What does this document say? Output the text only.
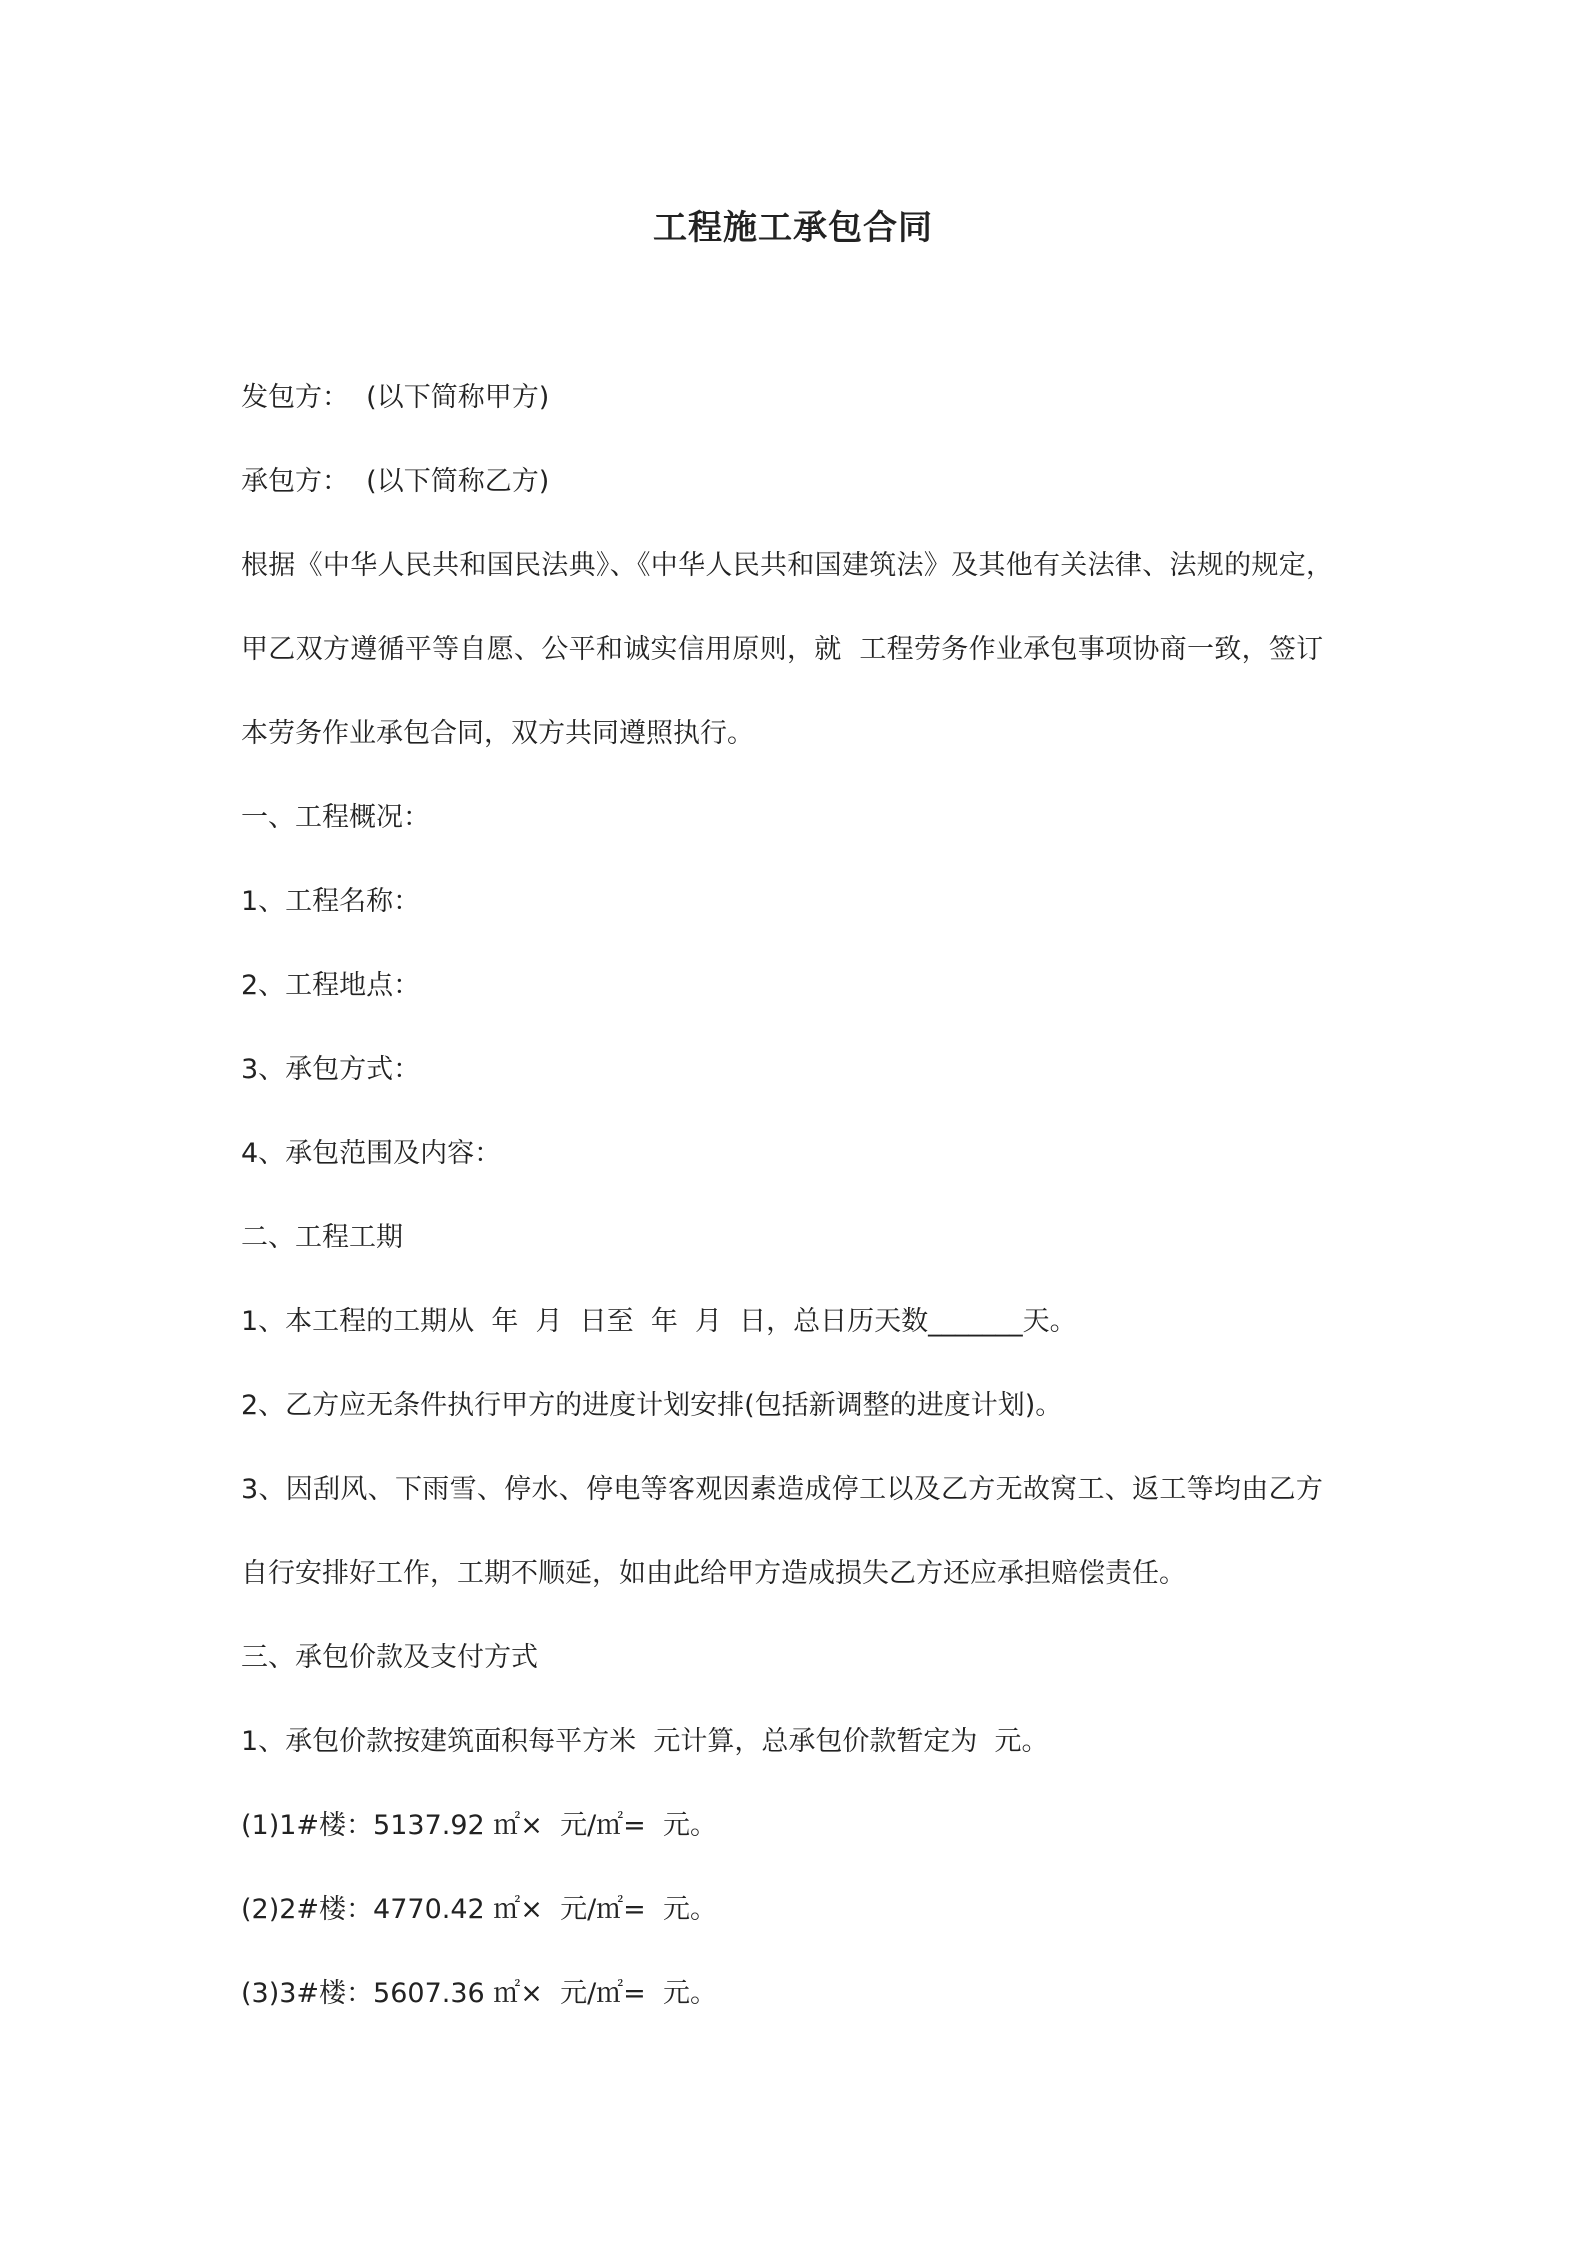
工程施工承包合同
发包方：  (以下简称甲方)
承包方：  (以下简称乙方)
根据《中华人民共和国民法典》、《中华人民共和国建筑法》及其他有关法律、法规的规定，
甲乙双方遵循平等自愿、公平和诚实信用原则，就  工程劳务作业承包事项协商一致，签订
本劳务作业承包合同，双方共同遵照执行。
一、工程概况：
1、工程名称：
2、工程地点：
3、承包方式：
4、承包范围及内容：
二、工程工期
1、本工程的工期从  年  月  日至  年  月  日，总日历天数_______天。
2、乙方应无条件执行甲方的进度计划安排(包括新调整的进度计划)。
3、因刮风、下雨雪、停水、停电等客观因素造成停工以及乙方无故窝工、返工等均由乙方
自行安排好工作，工期不顺延，如由此给甲方造成损失乙方还应承担赔偿责任。
三、承包价款及支付方式
1、承包价款按建筑面积每平方米  元计算，总承包价款暂定为  元。
(1)1#楼：5137.92 ㎡×  元/㎡=  元。
(2)2#楼：4770.42 ㎡×  元/㎡=  元。
(3)3#楼：5607.36 ㎡×  元/㎡=  元。
